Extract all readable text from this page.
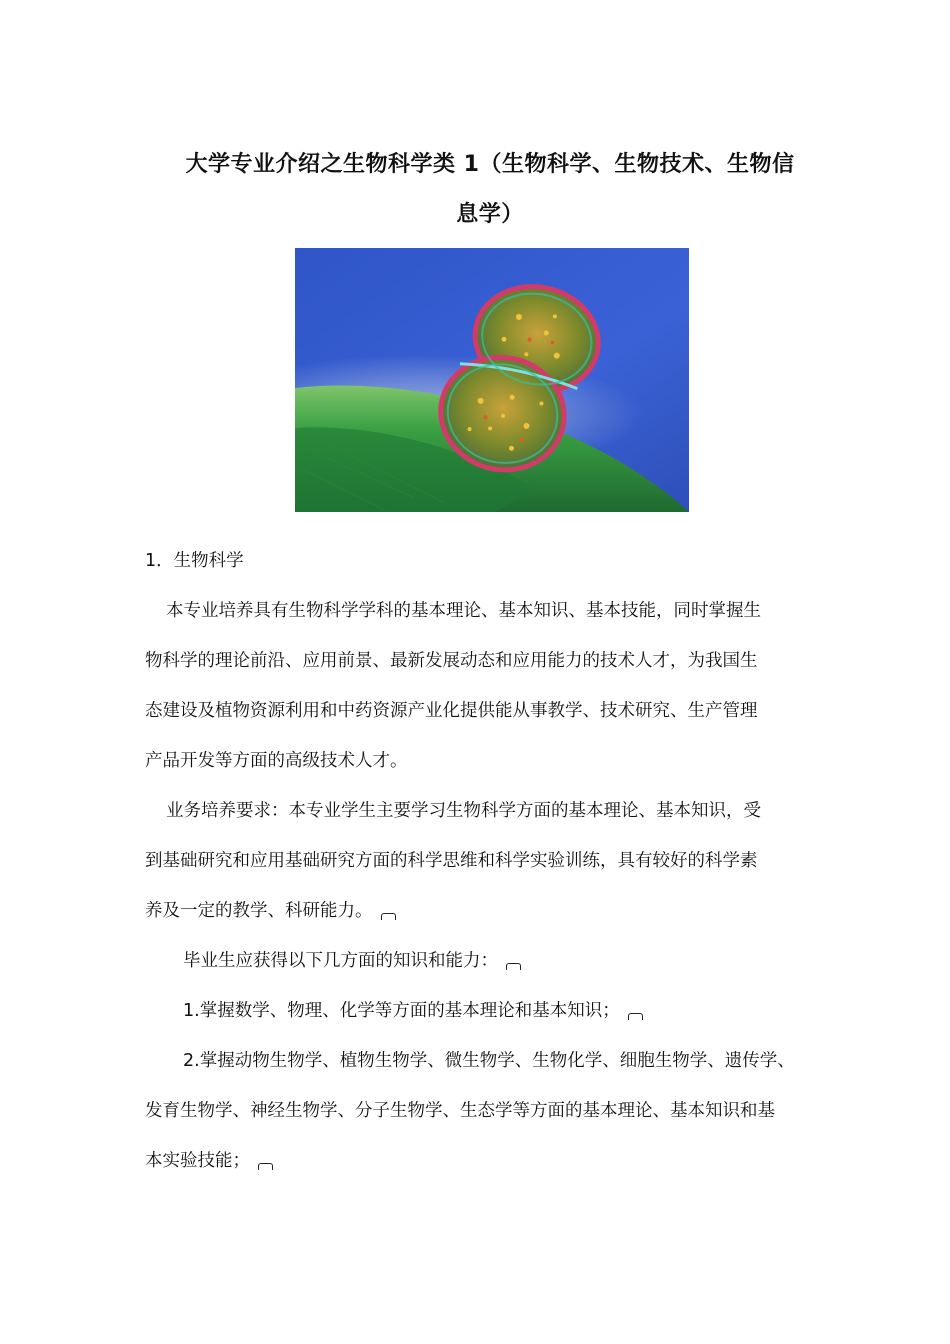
大学专业介绍之生物科学类 1（生物科学、生物技术、生物信
息学）
1．生物科学
本专业培养具有生物科学学科的基本理论、基本知识、基本技能，同时掌握生
物科学的理论前沿、应用前景、最新发展动态和应用能力的技术人才，为我国生
态建设及植物资源利用和中药资源产业化提供能从事教学、技术研究、生产管理
产品开发等方面的高级技术人才。
业务培养要求：本专业学生主要学习生物科学方面的基本理论、基本知识，受
到基础研究和应用基础研究方面的科学思维和科学实验训练，具有较好的科学素
养及一定的教学、科研能力。
毕业生应获得以下几方面的知识和能力：
1.掌握数学、物理、化学等方面的基本理论和基本知识；
2.掌握动物生物学、植物生物学、微生物学、生物化学、细胞生物学、遗传学、
发育生物学、神经生物学、分子生物学、生态学等方面的基本理论、基本知识和基
本实验技能；
